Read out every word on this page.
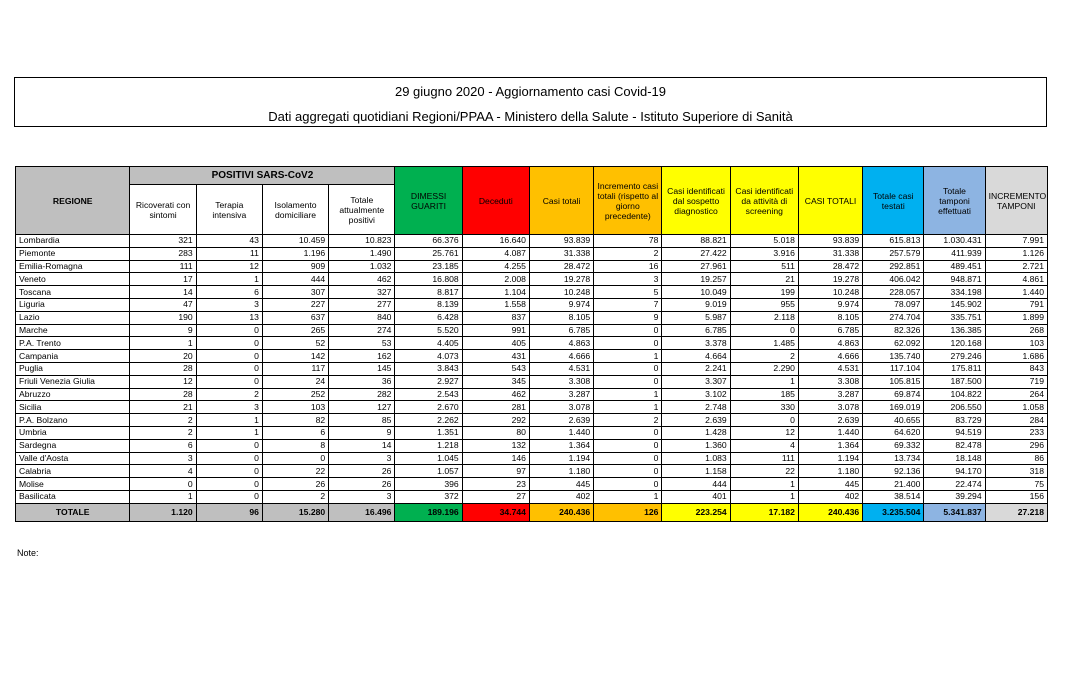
29 giugno 2020 - Aggiornamento casi Covid-19
Dati aggregati quotidiani Regioni/PPAA - Ministero della Salute - Istituto Superiore di Sanità
REGIONE	POSITIVI SARS-CoV2				DIMESSI GUARITI	Deceduti	Casi totali	Incremento casi totali (rispetto al giorno precedente)	Casi identificati dal sospetto diagnostico	Casi identificati da attività di screening	CASI TOTALI	Totale casi testati	Totale tamponi effettuati	INCREMENTO TAMPONI
	Ricoverati con sintomi	Terapia intensiva	Isolamento domiciliare	Totale attualmente positivi										
Lombardia	321	43	10.459	10.823	66.376	16.640	93.839	78	88.821	5.018	93.839	615.813	1.030.431	7.991
Piemonte	283	11	1.196	1.490	25.761	4.087	31.338	2	27.422	3.916	31.338	257.579	411.939	1.126
Emilia-Romagna	111	12	909	1.032	23.185	4.255	28.472	16	27.961	511	28.472	292.851	489.451	2.721
Veneto	17	1	444	462	16.808	2.008	19.278	3	19.257	21	19.278	406.042	948.871	4.861
Toscana	14	6	307	327	8.817	1.104	10.248	5	10.049	199	10.248	228.057	334.198	1.440
Liguria	47	3	227	277	8.139	1.558	9.974	7	9.019	955	9.974	78.097	145.902	791
Lazio	190	13	637	840	6.428	837	8.105	9	5.987	2.118	8.105	274.704	335.751	1.899
Marche	9	0	265	274	5.520	991	6.785	0	6.785	0	6.785	82.326	136.385	268
P.A. Trento	1	0	52	53	4.405	405	4.863	0	3.378	1.485	4.863	62.092	120.168	103
Campania	20	0	142	162	4.073	431	4.666	1	4.664	2	4.666	135.740	279.246	1.686
Puglia	28	0	117	145	3.843	543	4.531	0	2.241	2.290	4.531	117.104	175.811	843
Friuli Venezia Giulia	12	0	24	36	2.927	345	3.308	0	3.307	1	3.308	105.815	187.500	719
Abruzzo	28	2	252	282	2.543	462	3.287	1	3.102	185	3.287	69.874	104.822	264
Sicilia	21	3	103	127	2.670	281	3.078	1	2.748	330	3.078	169.019	206.550	1.058
P.A. Bolzano	2	1	82	85	2.262	292	2.639	2	2.639	0	2.639	40.655	83.729	284
Umbria	2	1	6	9	1.351	80	1.440	0	1.428	12	1.440	64.620	94.519	233
Sardegna	6	0	8	14	1.218	132	1.364	0	1.360	4	1.364	69.332	82.478	296
Valle d'Aosta	3	0	0	3	1.045	146	1.194	0	1.083	111	1.194	13.734	18.148	86
Calabria	4	0	22	26	1.057	97	1.180	0	1.158	22	1.180	92.136	94.170	318
Molise	0	0	26	26	396	23	445	0	444	1	445	21.400	22.474	75
Basilicata	1	0	2	3	372	27	402	1	401	1	402	38.514	39.294	156
TOTALE	1.120	96	15.280	16.496	189.196	34.744	240.436	126	223.254	17.182	240.436	3.235.504	5.341.837	27.218
Note:
